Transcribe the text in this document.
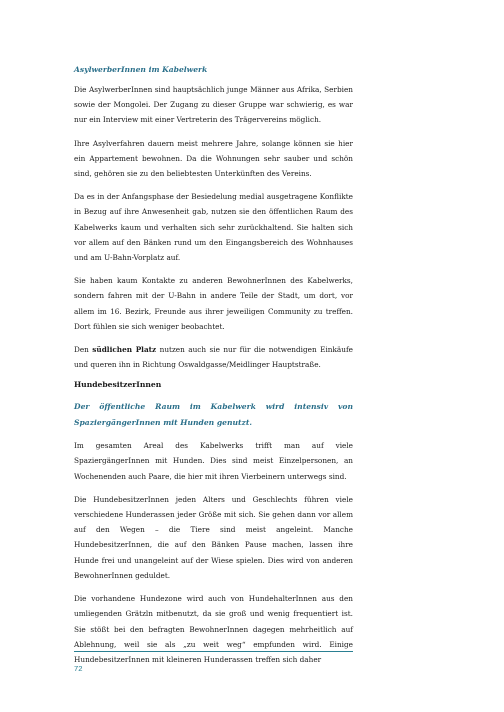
AsylwerberInnen im Kabelwerk

Die AsylwerberInnen sind hauptsächlich junge Männer aus Afrika, Serbien sowie der Mongolei. Der Zugang zu dieser Gruppe war schwierig, es war nur ein Interview mit einer Vertreterin des Trägervereins möglich.

Ihre Asylverfahren dauern meist mehrere Jahre, solange können sie hier ein Appartement bewohnen. Da die Wohnungen sehr sauber und schön sind, gehören sie zu den beliebtesten Unterkünften des Vereins.

Da es in der Anfangsphase der Besiedelung medial ausgetragene Konflikte in Bezug auf ihre Anwesenheit gab, nutzen sie den öffentlichen Raum des Kabelwerks kaum und verhalten sich sehr zurückhaltend. Sie halten sich vor allem auf den Bänken rund um den Eingangsbereich des Wohnhauses und am U-Bahn-Vorplatz auf.

Sie haben kaum Kontakte zu anderen BewohnerInnen des Kabelwerks, sondern fahren mit der U-Bahn in andere Teile der Stadt, um dort, vor allem im 16. Bezirk, Freunde aus ihrer jeweiligen Community zu treffen. Dort fühlen sie sich weniger beobachtet.

Den südlichen Platz nutzen auch sie nur für die notwendigen Einkäufe und queren ihn in Richtung Oswaldgasse/Meidlinger Hauptstraße.

HundebesitzerInnen

Der öffentliche Raum im Kabelwerk wird intensiv von SpaziergängerInnen mit Hunden genutzt.

Im gesamten Areal des Kabelwerks trifft man auf viele SpaziergängerInnen mit Hunden. Dies sind meist Einzelpersonen, an Wochenenden auch Paare, die hier mit ihren Vierbeinern unterwegs sind.

Die HundebesitzerInnen jeden Alters und Geschlechts führen viele verschiedene Hunderassen jeder Größe mit sich. Sie gehen dann vor allem auf den Wegen – die Tiere sind meist angeleint. Manche HundebesitzerInnen, die auf den Bänken Pause machen, lassen ihre Hunde frei und unangeleint auf der Wiese spielen. Dies wird von anderen BewohnerInnen geduldet.

Die vorhandene Hundezone wird auch von HundehalterInnen aus den umliegenden Grätzln mitbenutzt, da sie groß und wenig frequentiert ist. Sie stößt bei den befragten BewohnerInnen dagegen mehrheitlich auf Ablehnung, weil sie als „zu weit weg“ empfunden wird. Einige HundebesitzerInnen mit kleineren Hunderassen treffen sich daher

72
